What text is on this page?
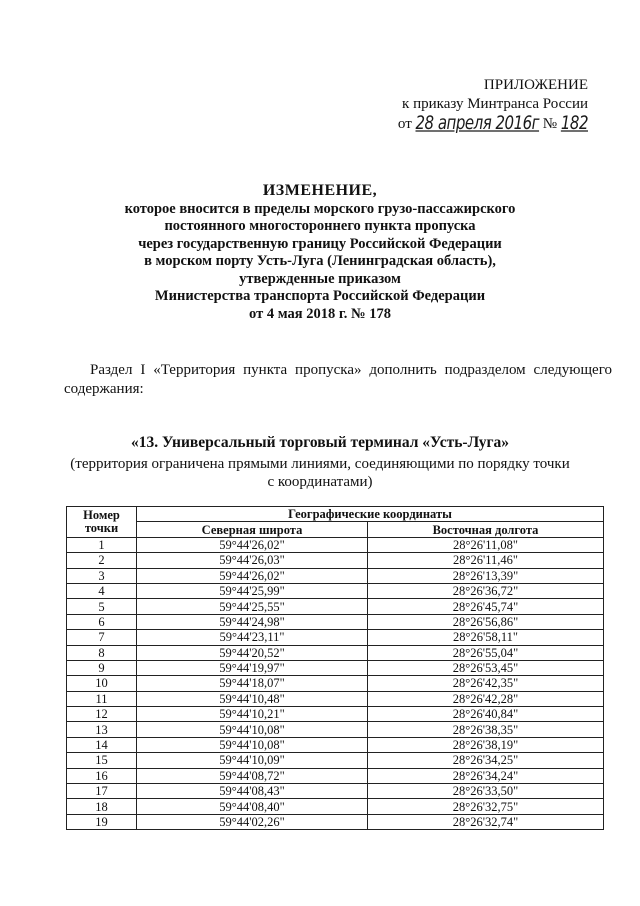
ПРИЛОЖЕНИЕ
к приказу Минтранса России
от 28 апреля 2016г № 182
ИЗМЕНЕНИЕ,
которое вносится в пределы морского грузо-пассажирского
постоянного многостороннего пункта пропуска
через государственную границу Российской Федерации
в морском порту Усть-Луга (Ленинградская область),
утвержденные приказом
Министерства транспорта Российской Федерации
от 4 мая 2018 г. № 178
Раздел I «Территория пункта пропуска» дополнить подразделом следующего содержания:
«13. Универсальный торговый терминал «Усть-Луга»
(территория ограничена прямыми линиями, соединяющими по порядку точки
с координатами)
Номер точки	Географические координаты	
	Северная широта	Восточная долгота
1	59°44'26,02"	28°26'11,08"
2	59°44'26,03"	28°26'11,46"
3	59°44'26,02"	28°26'13,39"
4	59°44'25,99"	28°26'36,72"
5	59°44'25,55"	28°26'45,74"
6	59°44'24,98"	28°26'56,86"
7	59°44'23,11"	28°26'58,11"
8	59°44'20,52"	28°26'55,04"
9	59°44'19,97"	28°26'53,45"
10	59°44'18,07"	28°26'42,35"
11	59°44'10,48"	28°26'42,28"
12	59°44'10,21"	28°26'40,84"
13	59°44'10,08"	28°26'38,35"
14	59°44'10,08"	28°26'38,19"
15	59°44'10,09"	28°26'34,25"
16	59°44'08,72"	28°26'34,24"
17	59°44'08,43"	28°26'33,50"
18	59°44'08,40"	28°26'32,75"
19	59°44'02,26"	28°26'32,74"
